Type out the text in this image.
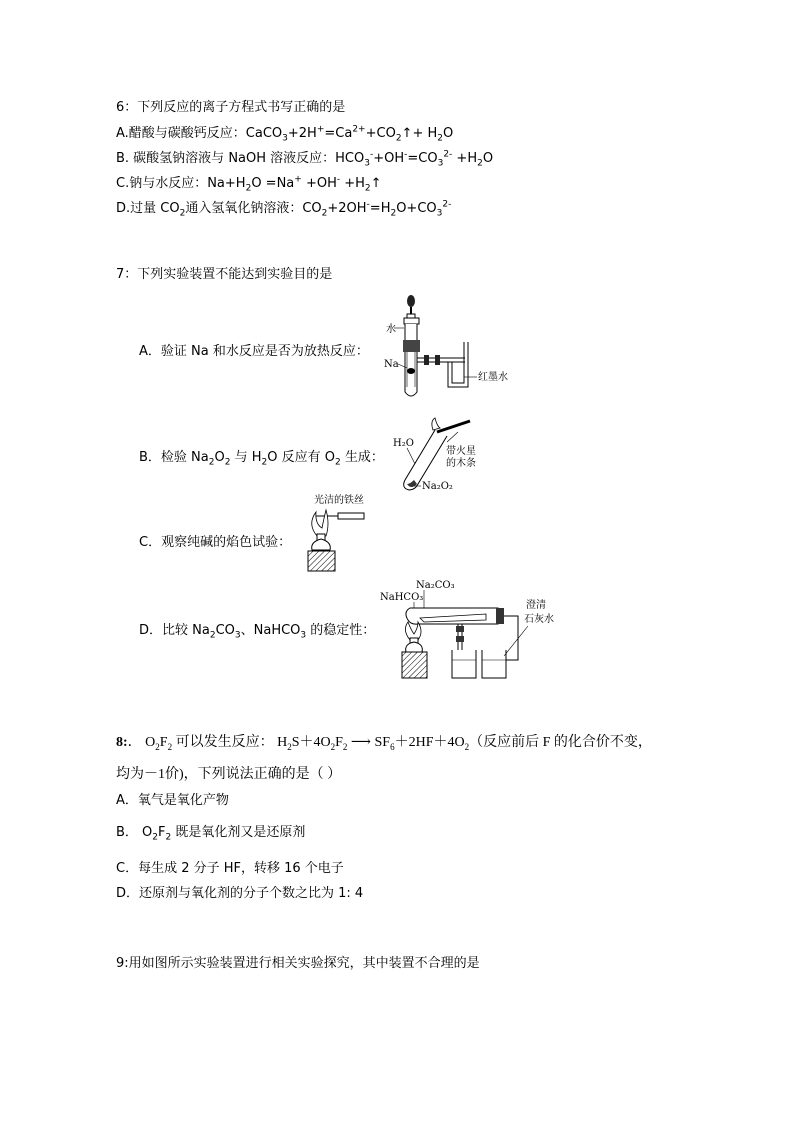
6：下列反应的离子方程式书写正确的是
A.醋酸与碳酸钙反应：$CaCO_3+2H^+=Ca^{2+}+CO_2↑+ H_2O$
B. 碳酸氢钠溶液与 NaOH 溶液反应：$HCO_3^-+OH^-=CO_3^{2-} +H_2O$
C.钠与水反应：$Na+H_2O =Na^+ +OH^-$ $+H_2↑$
D.过量 $CO_2$通入氢氧化钠溶液：$CO_2+2OH^-=H_2O+CO_3^{2-}$
7：下列实验装置不能达到实验目的是
A．验证 Na 和水反应是否为放热反应：
B．检验 $Na_2O_2$ 与 $H_2O$ 反应有 $O_2$ 生成：
C．观察纯碱的焰色试验：
D．比较 $Na_2CO_3$、NaHCO$_3$ 的稳定性：
水
Na
红墨水
H₂O
带火星
的木条
Na₂O₂
光洁的铁丝
Na₂CO₃
NaHCO₃
澄清
石灰水
8:． $O_2F_2$ 可以发生反应： $H_2S+4O_2F_2$ ⟶ $SF_6+2HF+4O_2$（反应前后 F 的化合价不变，
均为－1价)，下列说法正确的是（ ）
A．氧气是氧化产物
B． $O_2F_2$ 既是氧化剂又是还原剂
C．每生成 2 分子 HF，转移 16 个电子
D．还原剂与氧化剂的分子个数之比为 1: 4
9:用如图所示实验装置进行相关实验探究，其中装置不合理的是
